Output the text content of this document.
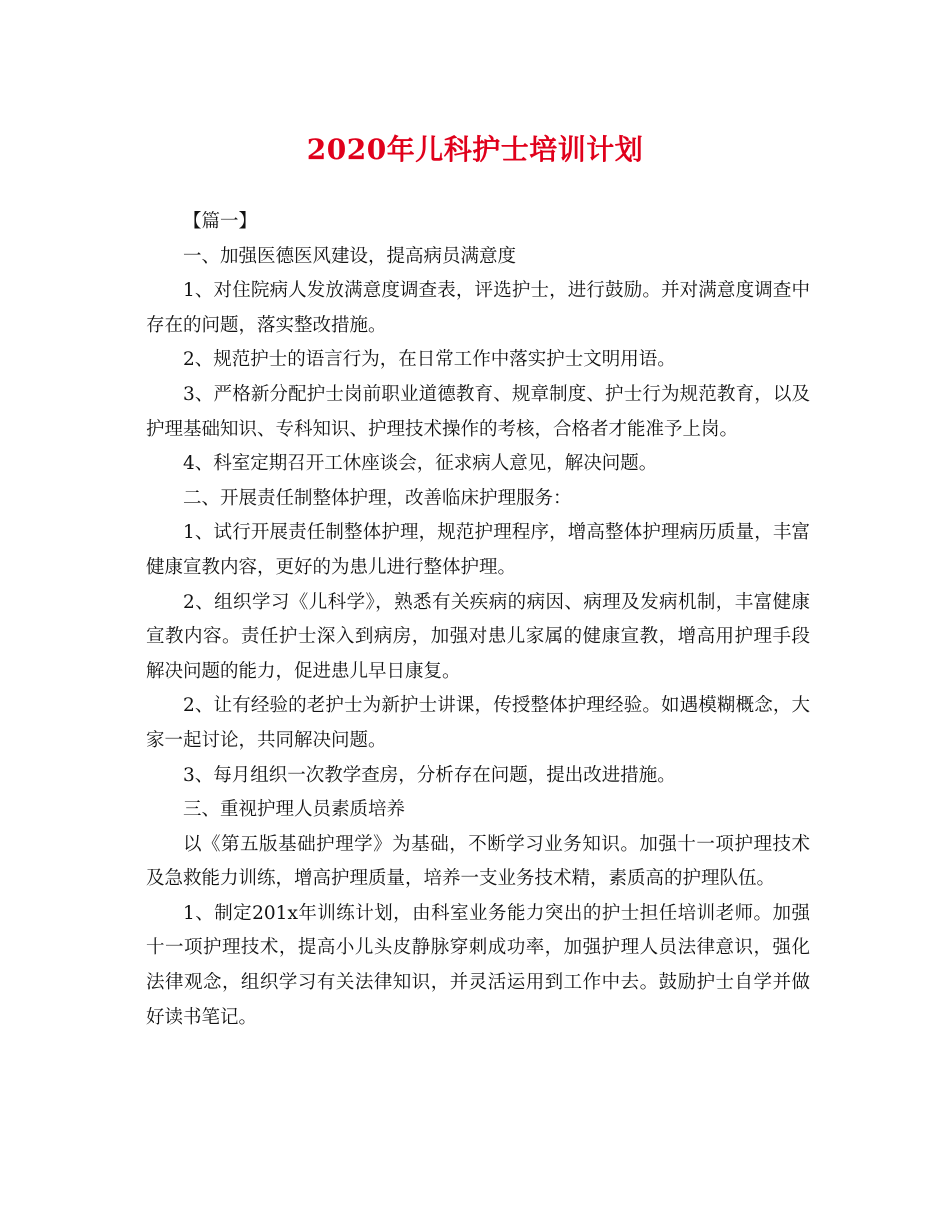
2020年儿科护士培训计划

【篇一】

一、加强医德医风建设，提高病员满意度

1、对住院病人发放满意度调查表，评选护士，进行鼓励。并对满意度调查中存在的问题，落实整改措施。

2、规范护士的语言行为，在日常工作中落实护士文明用语。

3、严格新分配护士岗前职业道德教育、规章制度、护士行为规范教育，以及护理基础知识、专科知识、护理技术操作的考核，合格者才能准予上岗。

4、科室定期召开工休座谈会，征求病人意见，解决问题。

二、开展责任制整体护理，改善临床护理服务：

1、试行开展责任制整体护理，规范护理程序，增高整体护理病历质量，丰富健康宣教内容，更好的为患儿进行整体护理。

2、组织学习《儿科学》，熟悉有关疾病的病因、病理及发病机制，丰富健康宣教内容。责任护士深入到病房，加强对患儿家属的健康宣教，增高用护理手段解决问题的能力，促进患儿早日康复。

2、让有经验的老护士为新护士讲课，传授整体护理经验。如遇模糊概念，大家一起讨论，共同解决问题。

3、每月组织一次教学查房，分析存在问题，提出改进措施。

三、重视护理人员素质培养

以《第五版基础护理学》为基础，不断学习业务知识。加强十一项护理技术及急救能力训练，增高护理质量，培养一支业务技术精，素质高的护理队伍。

1、制定201x年训练计划，由科室业务能力突出的护士担任培训老师。加强十一项护理技术，提高小儿头皮静脉穿刺成功率，加强护理人员法律意识，强化法律观念，组织学习有关法律知识，并灵活运用到工作中去。鼓励护士自学并做好读书笔记。
